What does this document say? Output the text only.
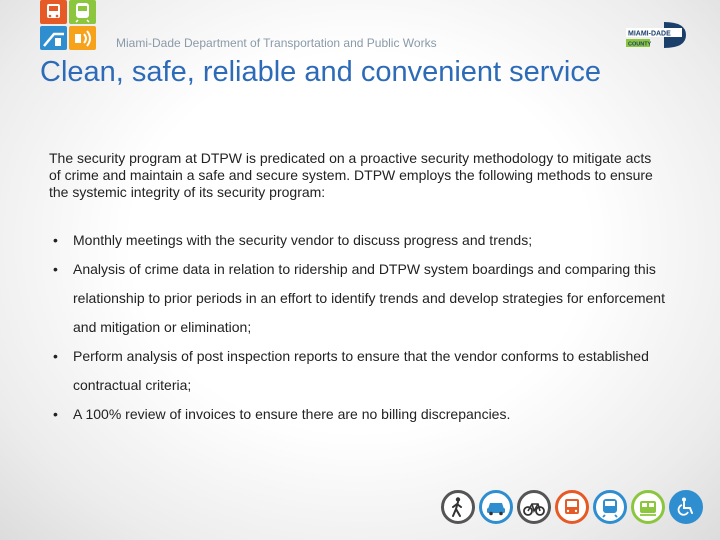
Miami-Dade Department of Transportation and Public Works
MIAMI-DADE
COUNTY
Clean, safe, reliable and convenient service

The security program at DTPW is predicated on a proactive security methodology to mitigate acts of crime and maintain a safe and secure system. DTPW employs the following methods to ensure the systemic integrity of its security program:

• Monthly meetings with the security vendor to discuss progress and trends;
• Analysis of crime data in relation to ridership and DTPW system boardings and comparing this relationship to prior periods in an effort to identify trends and develop strategies for enforcement and mitigation or elimination;
• Perform analysis of post inspection reports to ensure that the vendor conforms to established contractual criteria;
• A 100% review of invoices to ensure there are no billing discrepancies.
